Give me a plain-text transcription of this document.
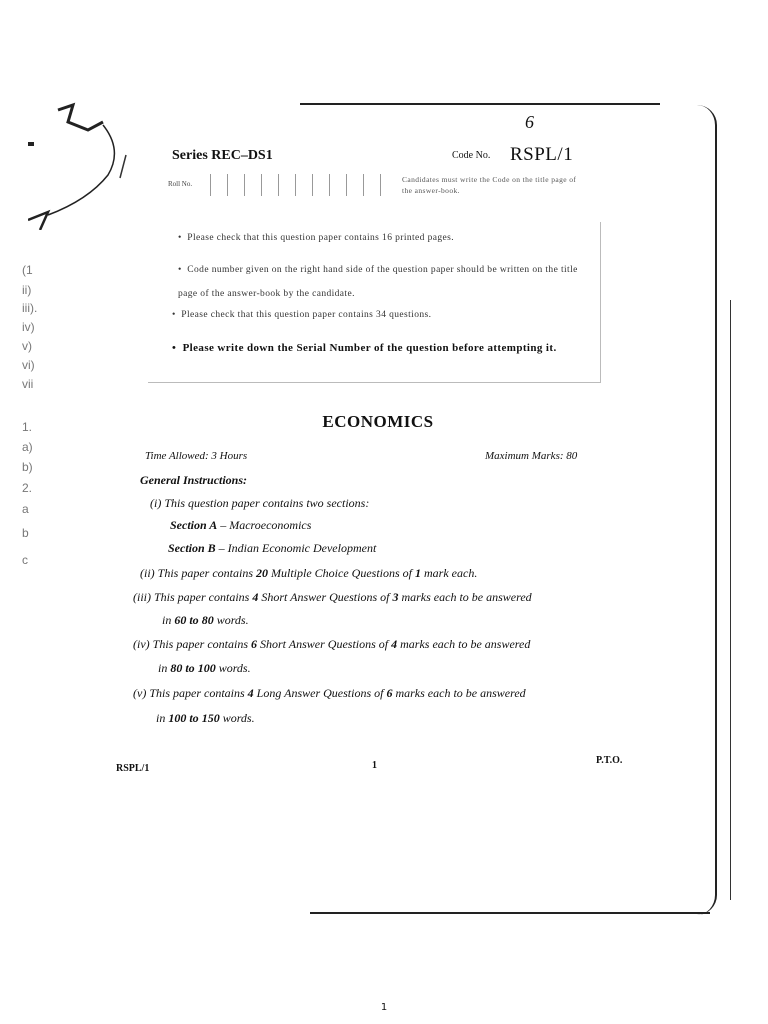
(1
ii)
iii).
iv)
v)
vi)
vii
1.
a)
b)
2.
a
b
c
Series REC–DS1
6
Code No. RSPL/1
Roll No.	Candidates must write the Code on the title page of the answer-book.
•  Please check that this question paper contains 16 printed pages.
•  Code number given on the right hand side of the question paper should be written on the title page of the answer-book by the candidate.
•  Please check that this question paper contains 34 questions.
•  Please write down the Serial Number of the question before attempting it.
ECONOMICS
Time Allowed: 3 Hours	Maximum Marks: 80
General Instructions:
(i) This question paper contains two sections:
Section A – Macroeconomics
Section B – Indian Economic Development
(ii) This paper contains 20 Multiple Choice Questions of 1 mark each.
(iii) This paper contains 4 Short Answer Questions of 3 marks each to be answered
in 60 to 80 words.
(iv) This paper contains 6 Short Answer Questions of 4 marks each to be answered
in 80 to 100 words.
(v) This paper contains 4 Long Answer Questions of 6 marks each to be answered
in 100 to 150 words.
RSPL/1	1	P.T.O.
1
